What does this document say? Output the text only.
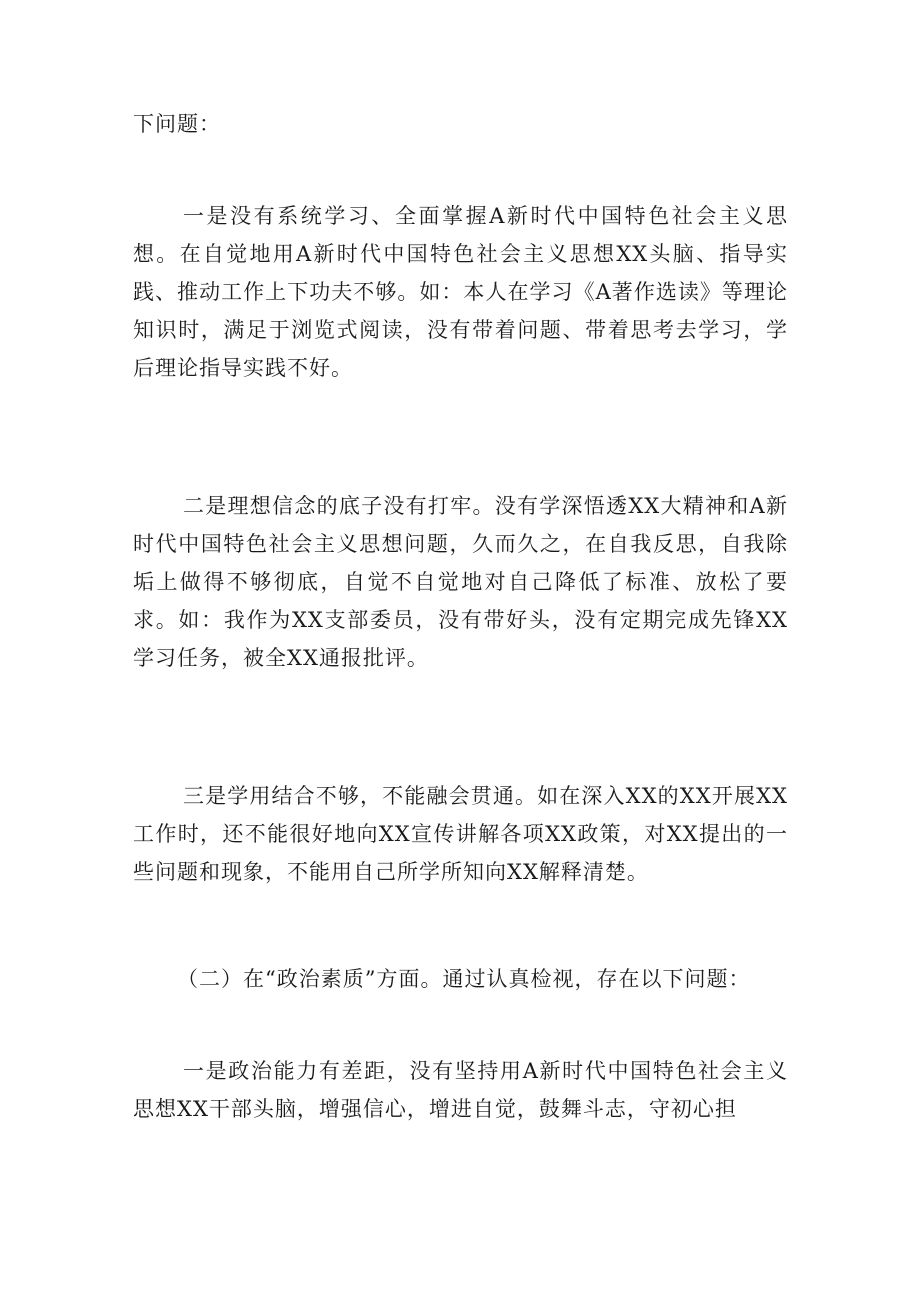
下问题：

一是没有系统学习、全面掌握A新时代中国特色社会主义思想。在自觉地用A新时代中国特色社会主义思想XX头脑、指导实践、推动工作上下功夫不够。如：本人在学习《A著作选读》等理论知识时，满足于浏览式阅读，没有带着问题、带着思考去学习，学后理论指导实践不好。

二是理想信念的底子没有打牢。没有学深悟透XX大精神和A新时代中国特色社会主义思想问题，久而久之，在自我反思，自我除垢上做得不够彻底，自觉不自觉地对自己降低了标准、放松了要求。如：我作为XX支部委员，没有带好头，没有定期完成先锋XX学习任务，被全XX通报批评。

三是学用结合不够，不能融会贯通。如在深入XX的XX开展XX工作时，还不能很好地向XX宣传讲解各项XX政策，对XX提出的一些问题和现象，不能用自己所学所知向XX解释清楚。

（二）在“政治素质”方面。通过认真检视，存在以下问题：

一是政治能力有差距，没有坚持用A新时代中国特色社会主义思想XX干部头脑，增强信心，增进自觉，鼓舞斗志，守初心担
